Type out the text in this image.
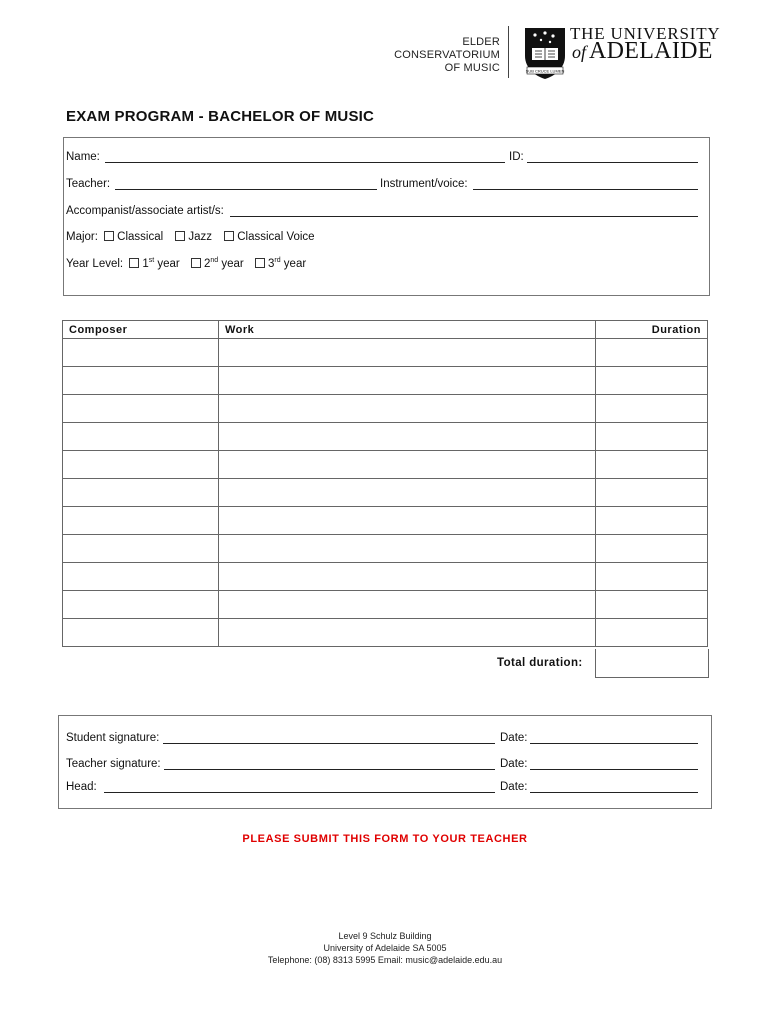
ELDER
CONSERVATORIUM
OF MUSIC	SUB CRUCE LUMEN
THE UNIVERSITY
of ADELAIDE
EXAM PROGRAM - BACHELOR OF MUSIC
Name:	ID:
Teacher:	Instrument/voice:
Accompanist/associate artist/s:
Major: Classical Jazz Classical Voice
Year Level: 1st year 2nd year 3rd year
Composer	Work	Duration

Total duration:
Student signature:	Date:
Teacher signature:	Date:
Head:	Date:
PLEASE SUBMIT THIS FORM TO YOUR TEACHER
Level 9 Schulz Building
University of Adelaide SA 5005
Telephone: (08) 8313 5995 Email: music@adelaide.edu.au
